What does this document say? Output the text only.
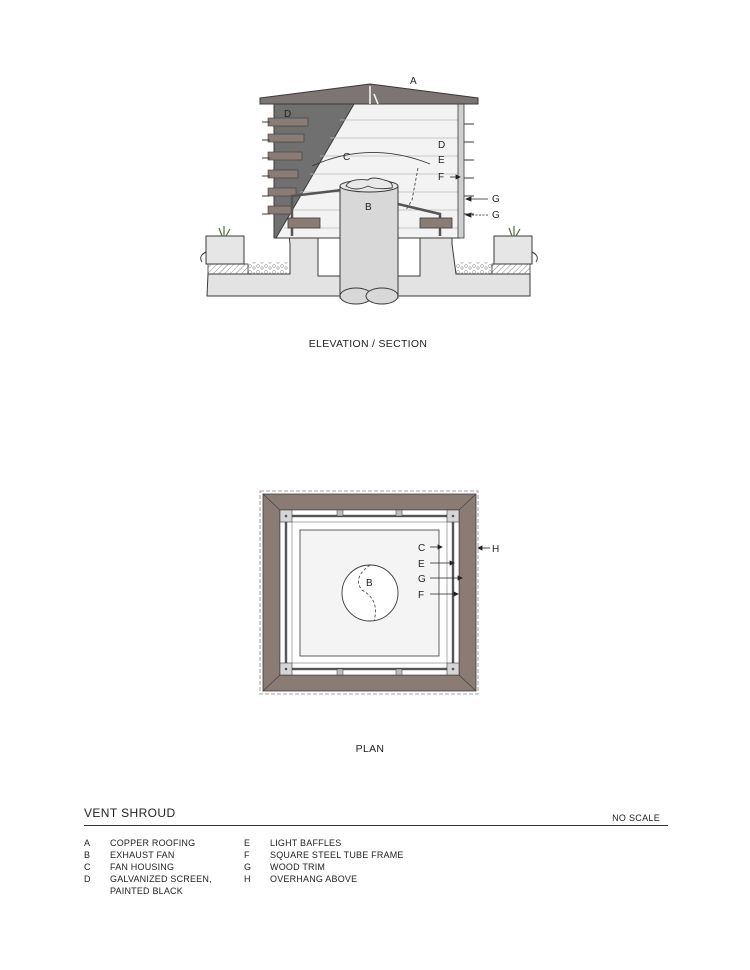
A
D
C
D
E
F
G
G
B
ELEVATION / SECTION
B
C
E
G
F
H
PLAN
VENT SHROUD	NO SCALE
A	COPPER ROOFING
B	EXHAUST FAN
C	FAN HOUSING
D	GALVANIZED SCREEN,
PAINTED BLACK
E	LIGHT BAFFLES
F	SQUARE STEEL TUBE FRAME
G	WOOD TRIM
H	OVERHANG ABOVE
